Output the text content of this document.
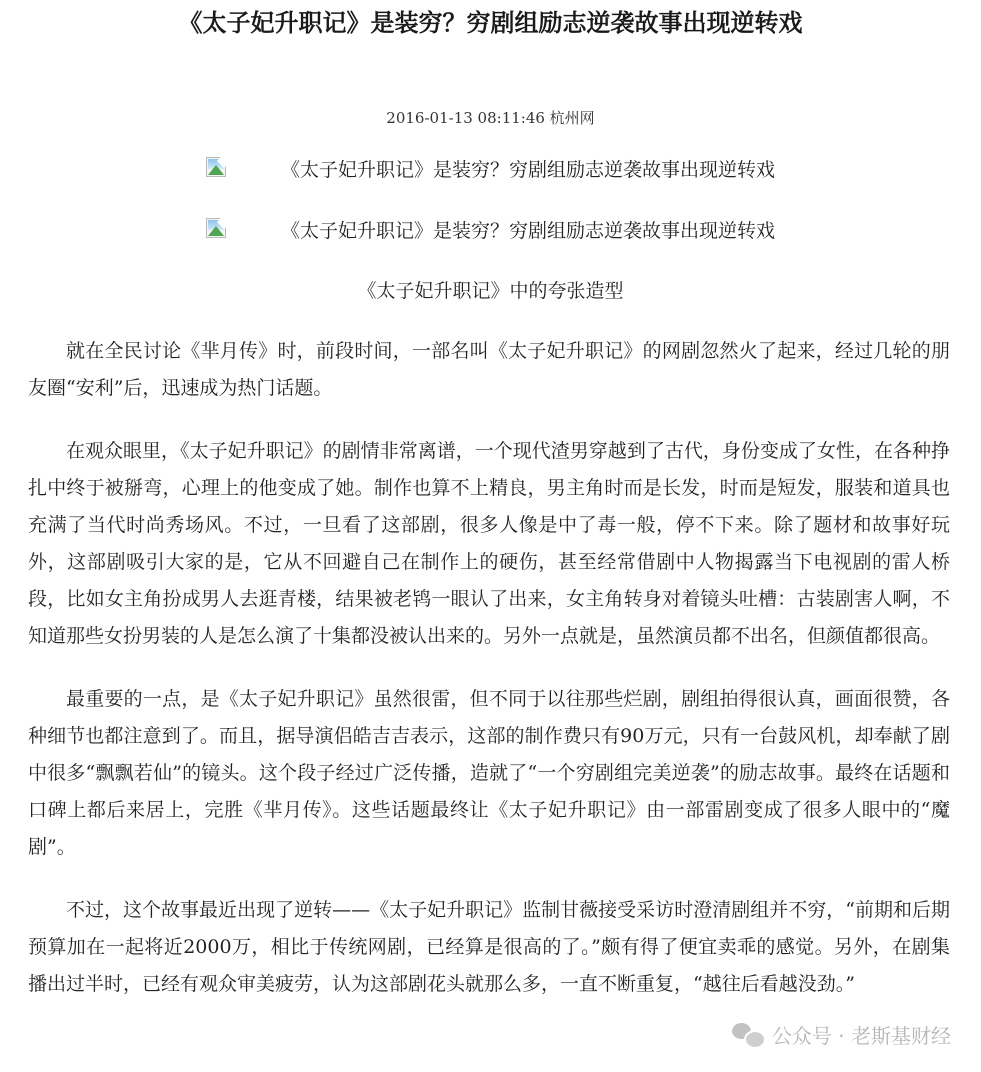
《太子妃升职记》是装穷？穷剧组励志逆袭故事出现逆转戏
2016-01-13 08:11:46 杭州网
《太子妃升职记》是装穷？穷剧组励志逆袭故事出现逆转戏
《太子妃升职记》是装穷？穷剧组励志逆袭故事出现逆转戏
《太子妃升职记》中的夸张造型

就在全民讨论《芈月传》时，前段时间，一部名叫《太子妃升职记》的网剧忽然火了起来，经过几轮的朋友圈“安利”后，迅速成为热门话题。

在观众眼里，《太子妃升职记》的剧情非常离谱，一个现代渣男穿越到了古代，身份变成了女性，在各种挣扎中终于被掰弯，心理上的他变成了她。制作也算不上精良，男主角时而是长发，时而是短发，服装和道具也充满了当代时尚秀场风。不过，一旦看了这部剧，很多人像是中了毒一般，停不下来。除了题材和故事好玩外，这部剧吸引大家的是，它从不回避自己在制作上的硬伤，甚至经常借剧中人物揭露当下电视剧的雷人桥段，比如女主角扮成男人去逛青楼，结果被老鸨一眼认了出来，女主角转身对着镜头吐槽：古装剧害人啊，不知道那些女扮男装的人是怎么演了十集都没被认出来的。另外一点就是，虽然演员都不出名，但颜值都很高。

最重要的一点，是《太子妃升职记》虽然很雷，但不同于以往那些烂剧，剧组拍得很认真，画面很赞，各种细节也都注意到了。而且，据导演侣皓吉吉表示，这部的制作费只有90万元，只有一台鼓风机，却奉献了剧中很多“飘飘若仙”的镜头。这个段子经过广泛传播，造就了“一个穷剧组完美逆袭”的励志故事。最终在话题和口碑上都后来居上，完胜《芈月传》。这些话题最终让《太子妃升职记》由一部雷剧变成了很多人眼中的“魔剧”。

不过，这个故事最近出现了逆转——《太子妃升职记》监制甘薇接受采访时澄清剧组并不穷，“前期和后期预算加在一起将近2000万，相比于传统网剧，已经算是很高的了。”颇有得了便宜卖乖的感觉。另外，在剧集播出过半时，已经有观众审美疲劳，认为这部剧花头就那么多，一直不断重复，“越往后看越没劲。”

公众号 · 老斯基财经
